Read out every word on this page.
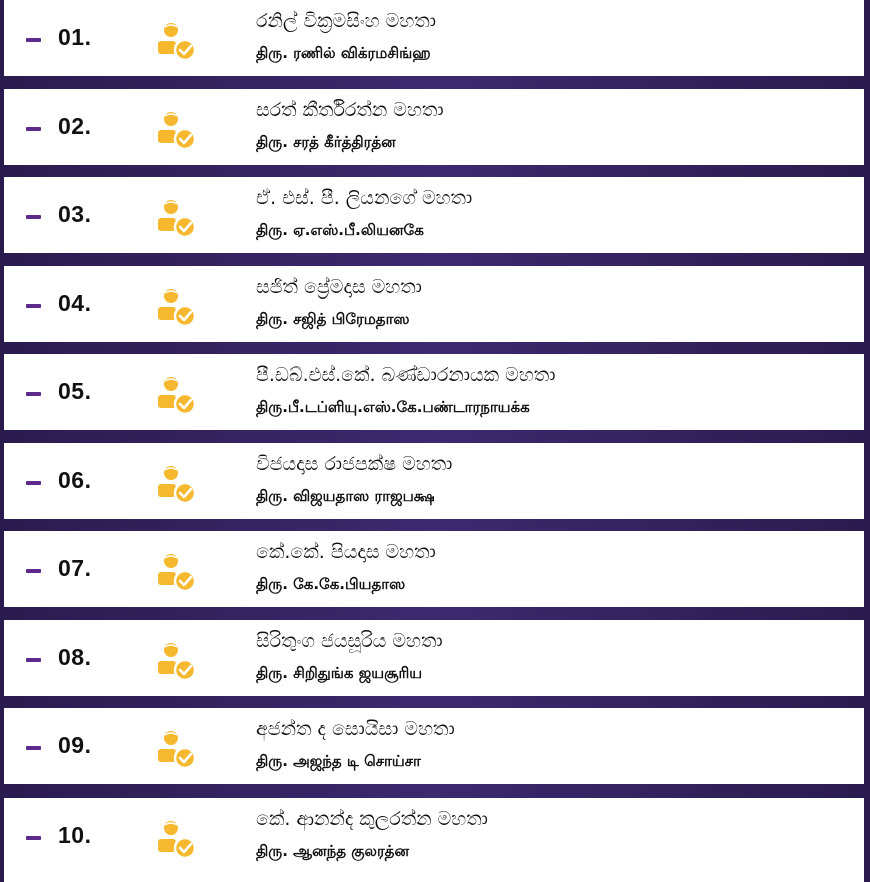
01.
රනිල් වික්‍රමසිංහ මහතා
திரு. ரணில் விக்ரமசிங்ஹ
02.
සරත් කීර්තිරත්න මහතා
திரு. சரத் கீர்த்திரத்ன
03.
ඒ. එස්. පී. ලියනගේ මහතා
திரு. ஏ.எஸ்.பீ.லியனகே
04.
සජිත් ප්‍රේමදාස මහතා
திரு. சஜித் பிரேமதாஸ
05.
පී.ඩබ්.එස්.කේ. බණ්ඩාරනායක මහතා
திரு.பீ.டப்ளியு.எஸ்.கே.பண்டாரநாயக்க
06.
විජයදාස රාජපක්ෂ මහතා
திரு. விஜயதாஸ ராஜபக்ஷ
07.
කේ.කේ. පියදාස මහතා
திரு. கே.கே.பியதாஸ
08.
සිරිතුංග ජයසූරිය මහතා
திரு. சிறிதுங்க ஜயசூரிய
09.
අජන්ත ද සොයිසා මහතා
திரு. அஜந்த டி சொய்சா
10.
කේ. ආනන්ද කුලරත්න මහතා
திரு. ஆனந்த குலரத்ன
